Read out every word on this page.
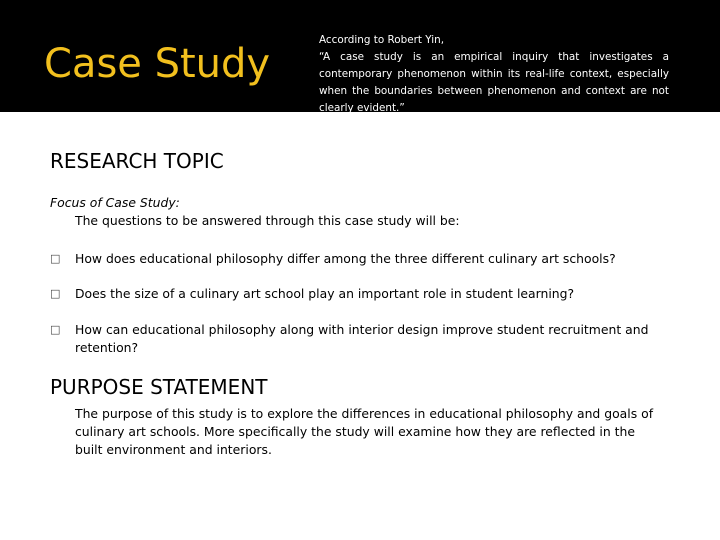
Case Study

According to Robert Yin,

“A case study is an empirical inquiry that investigates a contemporary phenomenon within its real-life context, especially when the boundaries between phenomenon and context are not clearly evident.”

RESEARCH TOPIC

Focus of Case Study:

The questions to be answered through this case study will be:

□	How does educational philosophy differ among the three different culinary art schools?
□	Does the size of a culinary art school play an important role in student learning?
□	How can educational philosophy along with interior design improve student recruitment and retention?
PURPOSE STATEMENT

The purpose of this study is to explore the differences in educational philosophy and goals of culinary art schools. More specifically the study will examine how they are reflected in the built environment and interiors.
